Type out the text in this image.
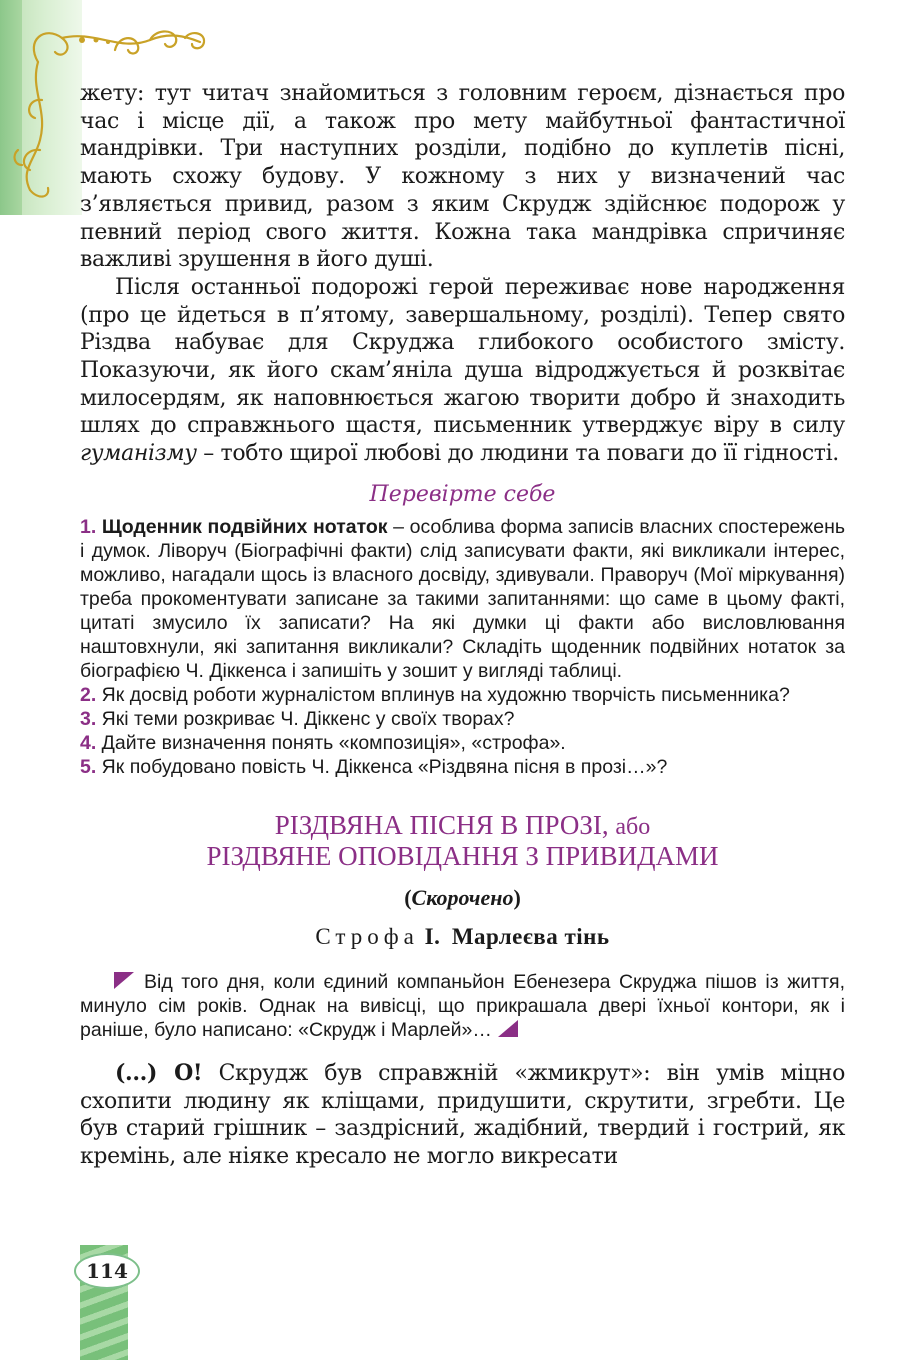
жету: тут читач знайомиться з головним героєм, дізнається про час і місце дії, а також про мету майбутньої фантастичної мандрівки. Три наступних розділи, подібно до куплетів пісні, мають схожу будову. У кожному з них у визначений час з’являється привид, разом з яким Скрудж здійснює подорож у певний період свого життя. Кожна така мандрівка спричиняє важливі зрушення в його душі.

Після останньої подорожі герой переживає нове народження (про це йдеться в п’ятому, завершальному, розділі). Тепер свято Різдва набуває для Скруджа глибокого особистого змісту. Показуючи, як його скам’яніла душа відроджується й розквітає милосердям, як наповнюється жагою творити добро й знаходить шлях до справжнього щастя, письменник утверджує віру в силу гуманізму – тобто щирої любові до людини та поваги до її гідності.

Перевірте себе

1. Щоденник подвійних нотаток – особлива форма записів власних спостережень і думок. Ліворуч (Біографічні факти) слід записувати факти, які викликали інтерес, можливо, нагадали щось із власного досвіду, здивували. Праворуч (Мої міркування) треба прокоментувати записане за такими запитаннями: що саме в цьому факті, цитаті змусило їх записати? На які думки ці факти або висловлювання наштовхнули, які запитання викликали? Складіть щоденник подвійних нотаток за біографією Ч. Діккенса і запишіть у зошит у вигляді таблиці.

2. Як досвід роботи журналістом вплинув на художню творчість письменника?

3. Які теми розкриває Ч. Діккенс у своїх творах?

4. Дайте визначення понять «композиція», «строфа».

5. Як побудовано повість Ч. Діккенса «Різдвяна пісня в прозі…»?

РІЗДВЯНА ПІСНЯ В ПРОЗІ, або
РІЗДВЯНЕ ОПОВІДАННЯ З ПРИВИДАМИ
(Скорочено)
Строфа I. Марлеєва тінь

Від того дня, коли єдиний компаньйон Ебенезера Скруджа пішов із життя, минуло сім років. Однак на вивісці, що прикрашала двері їхньої контори, як і раніше, було написано: «Скрудж і Марлей»…

(...) О! Скрудж був справжній «жмикрут»: він умів міцно схопити людину як кліщами, придушити, скрутити, згребти. Це був старий грішник – заздрісний, жадібний, твердий і гострий, як кремінь, але ніяке кресало не могло викресати

114
